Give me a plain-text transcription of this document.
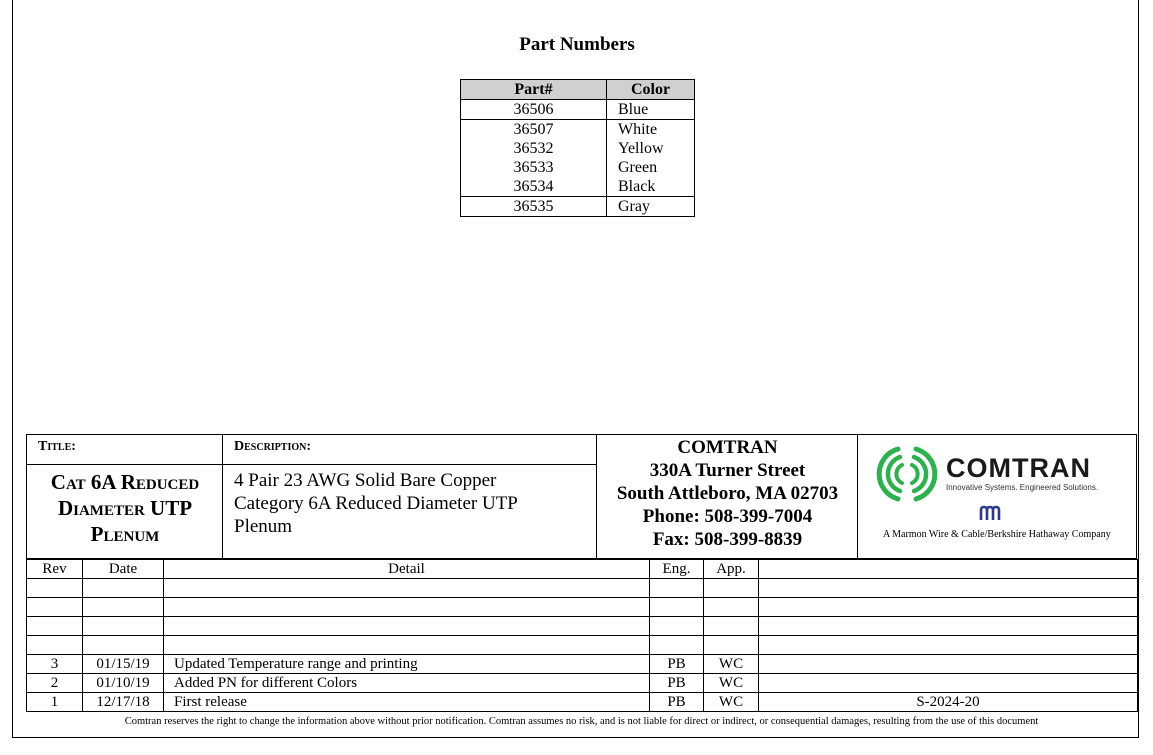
Part Numbers
Part#	Color
36506	Blue
36507	White
36532	Yellow
36533	Green
36534	Black
36535	Gray
Title:
Cat 6A Reduced
Diameter UTP
Plenum
Description:
4 Pair 23 AWG Solid Bare Copper
Category 6A Reduced Diameter UTP
Plenum
COMTRAN
330A Turner Street
South Attleboro, MA 02703
Phone: 508-399-7004
Fax: 508-399-8839
COMTRAN
Innovative Systems. Engineered Solutions.
A Marmon Wire & Cable/Berkshire Hathaway Company
Rev	Date	Detail	Eng.	App.	

3	01/15/19	Updated Temperature range and printing	PB	WC	
2	01/10/19	Added PN for different Colors	PB	WC	
1	12/17/18	First release	PB	WC	S-2024-20
Comtran reserves the right to change the information above without prior notification. Comtran assumes no risk, and is not liable for direct or indirect, or consequential damages, resulting from the use of this document
